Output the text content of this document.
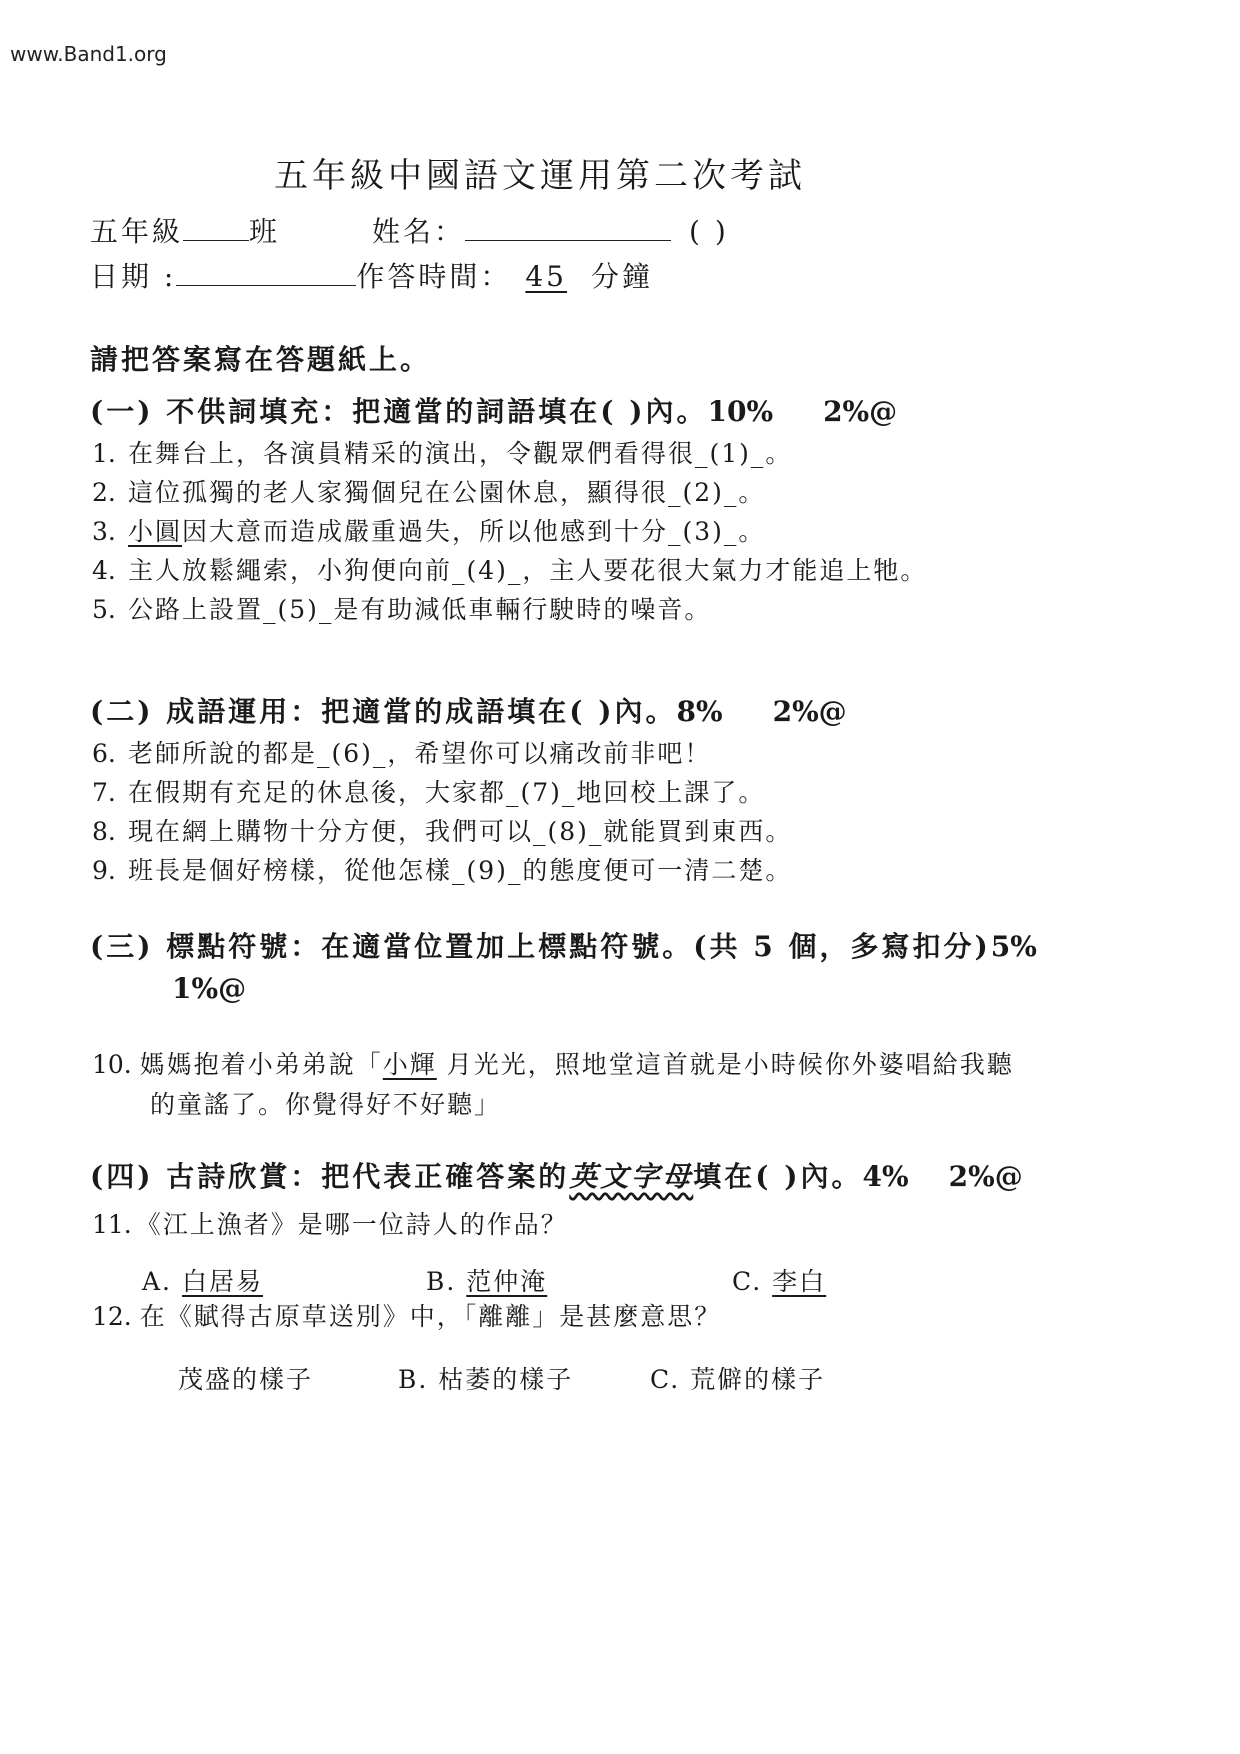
www.Band1.org
五年級中國語文運用第二次考試
五年級 班	姓名：	( )
日期 :	作答時間： 45 分鐘
請把答案寫在答題紙上。
(一) 不供詞填充：把適當的詞語填在( )內。10% 2%@
1. 在舞台上，各演員精采的演出，令觀眾們看得很_(1)_。
2. 這位孤獨的老人家獨個兒在公園休息，顯得很_(2)_。
3. 小圓因大意而造成嚴重過失，所以他感到十分_(3)_。
4. 主人放鬆繩索，小狗便向前_(4)_，主人要花很大氣力才能追上牠。
5. 公路上設置_(5)_是有助減低車輛行駛時的噪音。
(二) 成語運用：把適當的成語填在( )內。8% 2%@
6. 老師所說的都是_(6)_，希望你可以痛改前非吧！
7. 在假期有充足的休息後，大家都_(7)_地回校上課了。
8. 現在網上購物十分方便，我們可以_(8)_就能買到東西。
9. 班長是個好榜樣，從他怎樣_(9)_的態度便可一清二楚。
(三) 標點符號：在適當位置加上標點符號。(共 5 個，多寫扣分)5%
1%@
10. 媽媽抱着小弟弟說「小輝 月光光，照地堂這首就是小時候你外婆唱給我聽
的童謠了。你覺得好不好聽」
(四) 古詩欣賞：把代表正確答案的英文字母填在( )內。4% 2%@
11. 《江上漁者》是哪一位詩人的作品？
A. 白居易	B. 范仲淹	C. 李白
12. 在《賦得古原草送別》中，「離離」是甚麼意思？
茂盛的樣子	B. 枯萎的樣子	C. 荒僻的樣子
